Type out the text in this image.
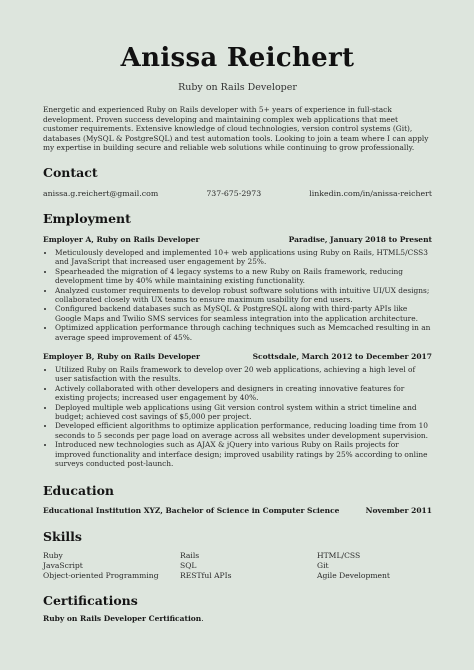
Anissa Reichert
Ruby on Rails Developer
Energetic and experienced Ruby on Rails developer with 5+ years of experience in full-stack development. Proven success developing and maintaining complex web applications that meet customer requirements. Extensive knowledge of cloud technologies, version control systems (Git), databases (MySQL & PostgreSQL) and test automation tools. Looking to join a team where I can apply my expertise in building secure and reliable web solutions while continuing to grow professionally.
Contact
anissa.g.reichert@gmail.com	737-675-2973	linkedin.com/in/anissa-reichert
Employment
Employer A, Ruby on Rails Developer	Paradise, January 2018 to Present
• Meticulously developed and implemented 10+ web applications using Ruby on Rails, HTML5/CSS3 and JavaScript that increased user engagement by 25%.
• Spearheaded the migration of 4 legacy systems to a new Ruby on Rails framework, reducing development time by 40% while maintaining existing functionality.
• Analyzed customer requirements to develop robust software solutions with intuitive UI/UX designs; collaborated closely with UX teams to ensure maximum usability for end users.
• Configured backend databases such as MySQL & PostgreSQL along with third-party APIs like Google Maps and Twilio SMS services for seamless integration into the application architecture.
• Optimized application performance through caching techniques such as Memcached resulting in an average speed improvement of 45%.
Employer B, Ruby on Rails Developer	Scottsdale, March 2012 to December 2017
• Utilized Ruby on Rails framework to develop over 20 web applications, achieving a high level of user satisfaction with the results.
• Actively collaborated with other developers and designers in creating innovative features for existing projects; increased user engagement by 40%.
• Deployed multiple web applications using Git version control system within a strict timeline and budget; achieved cost savings of $5,000 per project.
• Developed efficient algorithms to optimize application performance, reducing loading time from 10 seconds to 5 seconds per page load on average across all websites under development supervision.
• Introduced new technologies such as AJAX & jQuery into various Ruby on Rails projects for improved functionality and interface design; improved usability ratings by 25% according to online surveys conducted post-launch.
Education
Educational Institution XYZ, Bachelor of Science in Computer Science	November 2011
Skills
Ruby	Rails	HTML/CSS
JavaScript	SQL	Git
Object-oriented Programming	RESTful APIs	Agile Development
Certifications
Ruby on Rails Developer Certification.
